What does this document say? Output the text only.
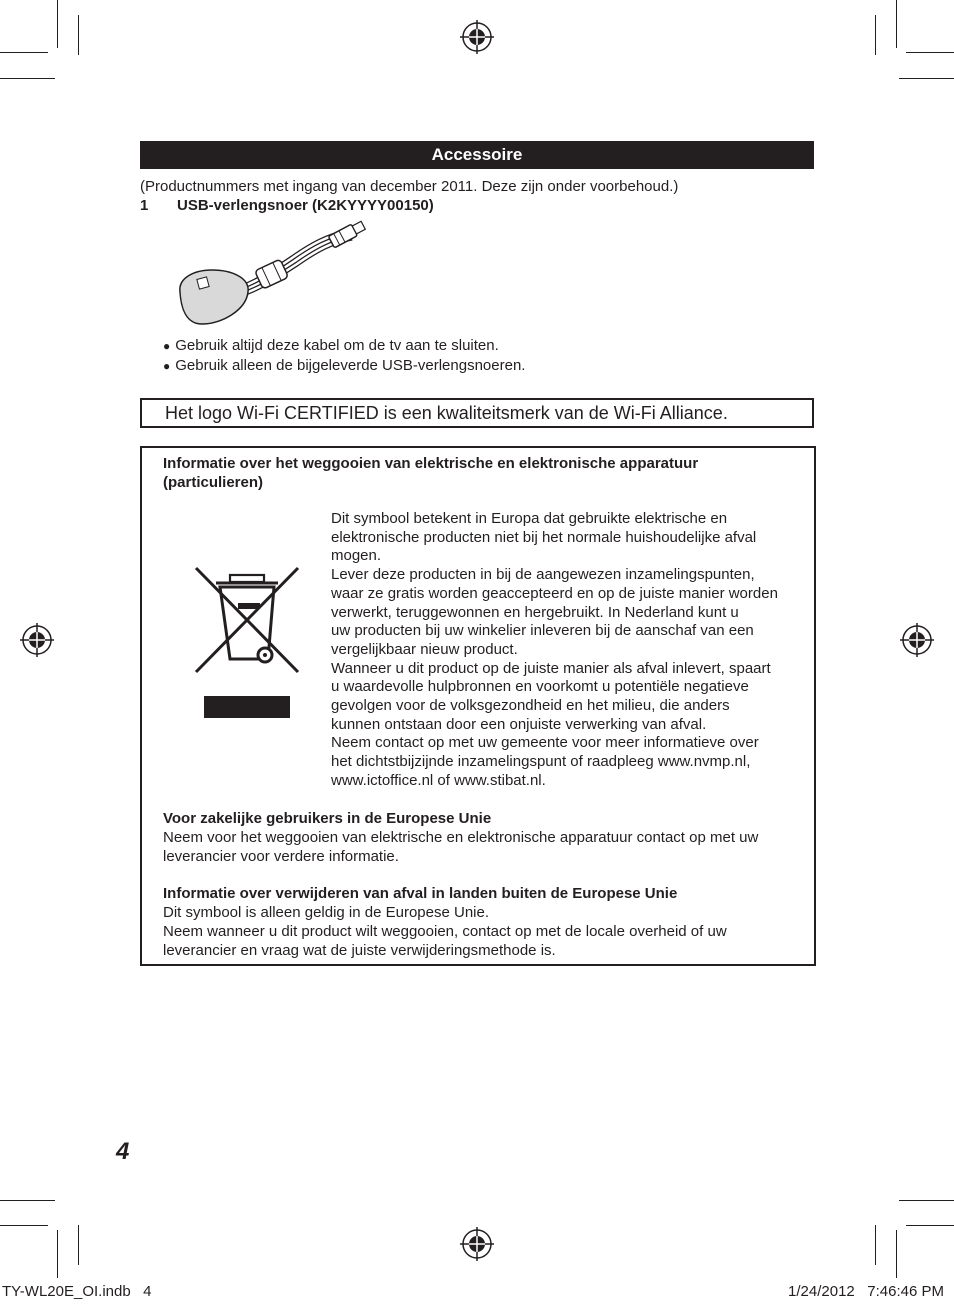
Accessoire
(Productnummers met ingang van december 2011. Deze zijn onder voorbehoud.)
1 USB-verlengsnoer (K2KYYYY00150)
● Gebruik altijd deze kabel om de tv aan te sluiten.
● Gebruik alleen de bijgeleverde USB-verlengsnoeren.
Het logo Wi-Fi CERTIFIED is een kwaliteitsmerk van de Wi-Fi Alliance.
Informatie over het weggooien van elektrische en elektronische apparatuur
(particulieren)
Dit symbool betekent in Europa dat gebruikte elektrische en
elektronische producten niet bij het normale huishoudelijke afval
mogen.
Lever deze producten in bij de aangewezen inzamelingspunten,
waar ze gratis worden geaccepteerd en op de juiste manier worden
verwerkt, teruggewonnen en hergebruikt. In Nederland kunt u
uw producten bij uw winkelier inleveren bij de aanschaf van een
vergelijkbaar nieuw product.
Wanneer u dit product op de juiste manier als afval inlevert, spaart
u waardevolle hulpbronnen en voorkomt u potentiële negatieve
gevolgen voor de volksgezondheid en het milieu, die anders
kunnen ontstaan door een onjuiste verwerking van afval.
Neem contact op met uw gemeente voor meer informatieve over
het dichtstbijzijnde inzamelingspunt of raadpleeg www.nvmp.nl,
www.ictoffice.nl of www.stibat.nl.
Voor zakelijke gebruikers in de Europese Unie
Neem voor het weggooien van elektrische en elektronische apparatuur contact op met uw
leverancier voor verdere informatie.
Informatie over verwijderen van afval in landen buiten de Europese Unie
Dit symbool is alleen geldig in de Europese Unie.
Neem wanneer u dit product wilt weggooien, contact op met de locale overheid of uw
leverancier en vraag wat de juiste verwijderingsmethode is.
4
TY-WL20E_OI.indb   4	1/24/2012   7:46:46 PM
